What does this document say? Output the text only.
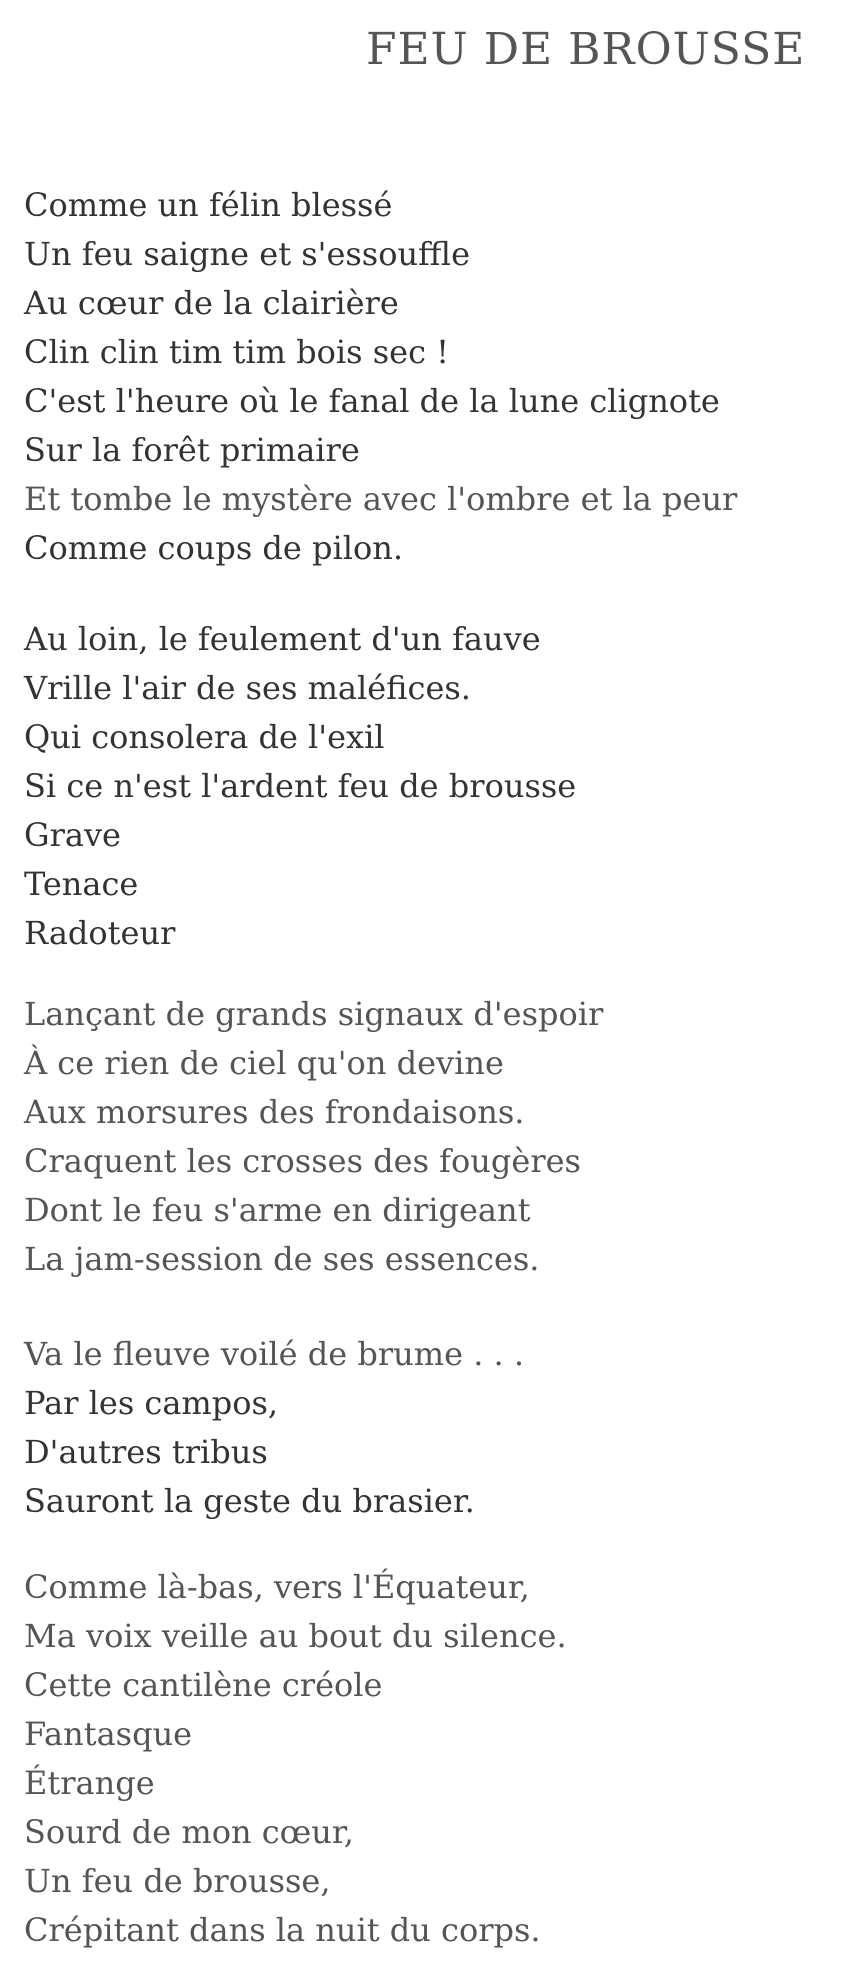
FEU DE BROUSSE
Comme un félin blessé
Un feu saigne et s'essouffle
Au cœur de la clairière
Clin clin tim tim bois sec !
C'est l'heure où le fanal de la lune clignote
Sur la forêt primaire
Et tombe le mystère avec l'ombre et la peur
Comme coups de pilon.
Au loin, le feulement d'un fauve
Vrille l'air de ses maléfices.
Qui consolera de l'exil
Si ce n'est l'ardent feu de brousse
Grave
Tenace
Radoteur
Lançant de grands signaux d'espoir
À ce rien de ciel qu'on devine
Aux morsures des frondaisons.
Craquent les crosses des fougères
Dont le feu s'arme en dirigeant
La jam-session de ses essences.
Va le fleuve voilé de brume . . .
Par les campos,
D'autres tribus
Sauront la geste du brasier.
Comme là-bas, vers l'Équateur,
Ma voix veille au bout du silence.
Cette cantilène créole
Fantasque
Étrange
Sourd de mon cœur,
Un feu de brousse,
Crépitant dans la nuit du corps.
